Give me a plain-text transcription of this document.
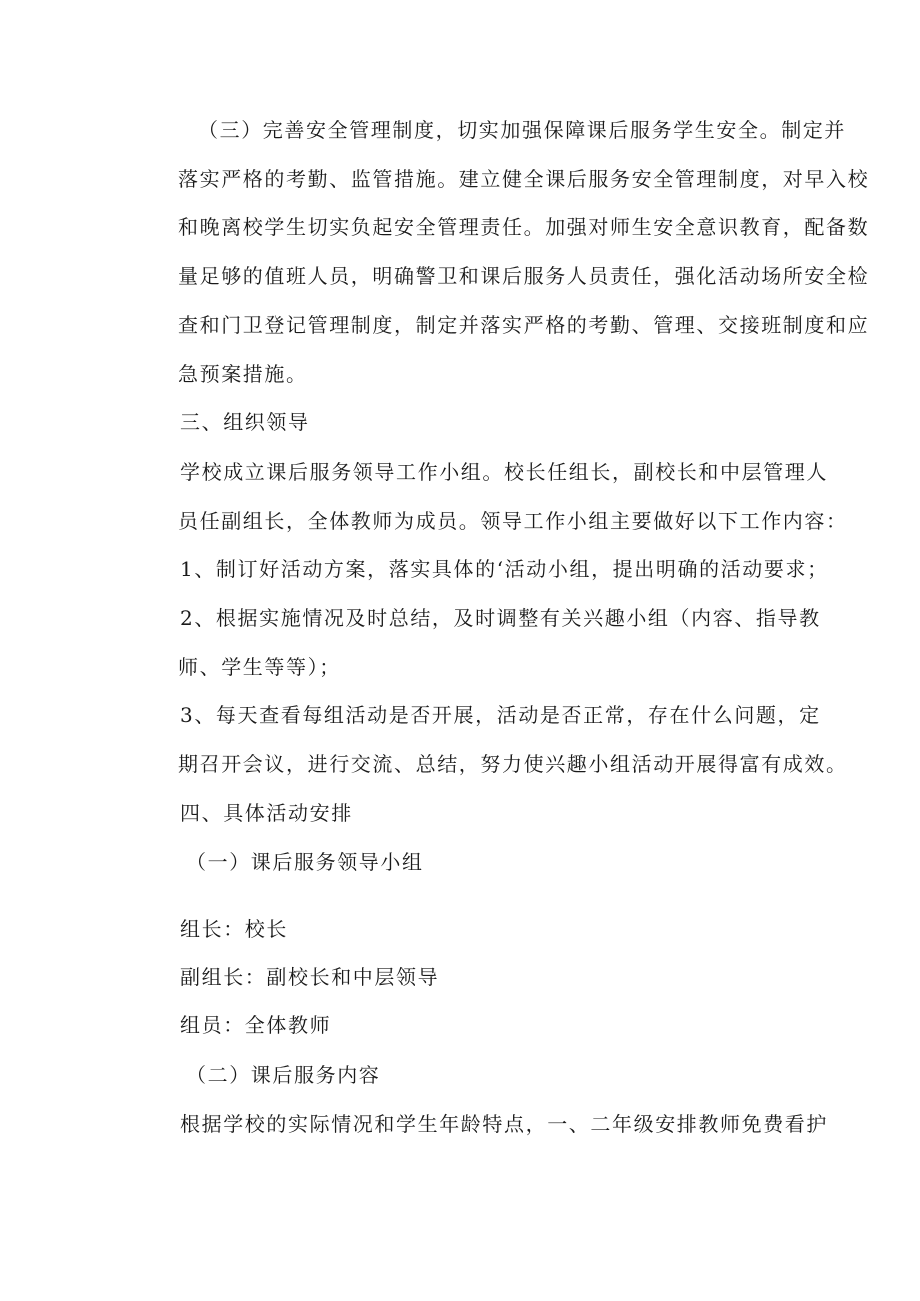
（三）完善安全管理制度，切实加强保障课后服务学生安全。制定并
落实严格的考勤、监管措施。建立健全课后服务安全管理制度，对早入校
和晚离校学生切实负起安全管理责任。加强对师生安全意识教育，配备数
量足够的值班人员，明确警卫和课后服务人员责任，强化活动场所安全检
查和门卫登记管理制度，制定并落实严格的考勤、管理、交接班制度和应
急预案措施。
三、组织领导
学校成立课后服务领导工作小组。校长任组长，副校长和中层管理人
员任副组长，全体教师为成员。领导工作小组主要做好以下工作内容：
1、制订好活动方案，落实具体的‘活动小组，提出明确的活动要求；
2、根据实施情况及时总结，及时调整有关兴趣小组（内容、指导教
师、学生等等）；
3、每天查看每组活动是否开展，活动是否正常，存在什么问题，定
期召开会议，进行交流、总结，努力使兴趣小组活动开展得富有成效。
四、具体活动安排
（一）课后服务领导小组
组长：校长
副组长：副校长和中层领导
组员：全体教师
（二）课后服务内容
根据学校的实际情况和学生年龄特点，一、二年级安排教师免费看护
